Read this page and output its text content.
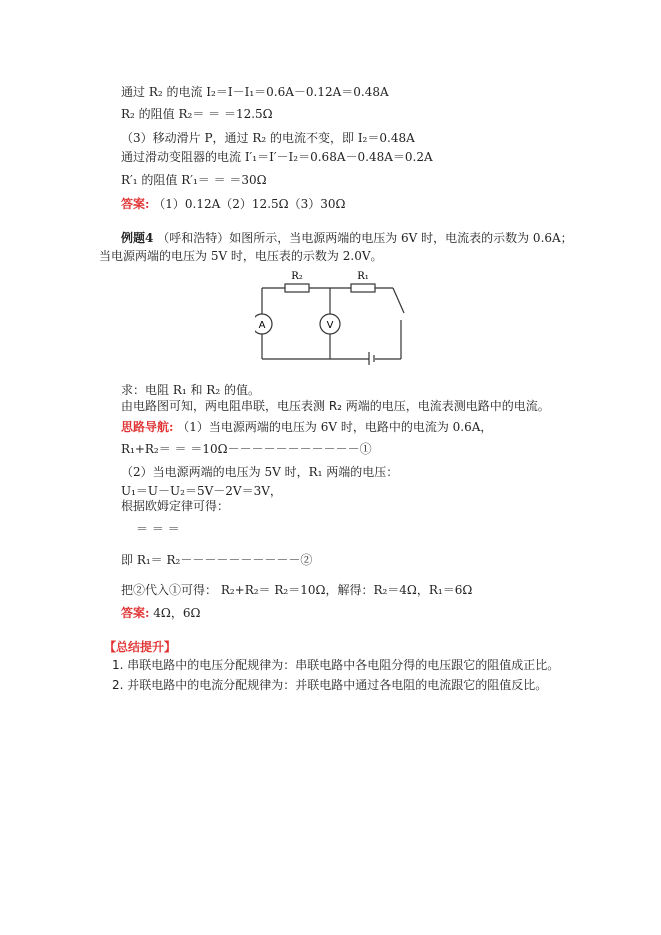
通过 R₂ 的电流 I₂＝I－I₁＝0.6A－0.12A＝0.48A
R₂ 的阻值 R₂＝ ＝ ＝12.5Ω
（3）移动滑片 P，通过 R₂ 的电流不变，即 I₂＝0.48A
通过滑动变阻器的电流 I′₁＝I′－I₂＝0.68A－0.48A＝0.2A
R′₁ 的阻值 R′₁＝ ＝ ＝30Ω
答案: （1）0.12A（2）12.5Ω（3）30Ω
例题4 （呼和浩特）如图所示，当电源两端的电压为 6V 时，电流表的示数为 0.6A；
当电源两端的电压为 5V 时，电压表的示数为 2.0V。
R₂	R₁
A	V
求：电阻 R₁ 和 R₂ 的值。
由电路图可知，两电阻串联，电压表测 R₂ 两端的电压，电流表测电路中的电流。
思路导航: （1）当电源两端的电压为 6V 时，电路中的电流为 0.6A，
R₁+R₂＝ ＝ ＝10Ω－－－－－－－－－－－①
（2）当电源两端的电压为 5V 时，R₁ 两端的电压：
U₁＝U－U₂＝5V－2V＝3V，
根据欧姆定律可得：
＝ ＝ ＝
即 R₁＝ R₂－－－－－－－－－－②
把②代入①可得： R₂+R₂＝ R₂＝10Ω，解得：R₂＝4Ω，R₁＝6Ω
答案: 4Ω，6Ω
【总结提升】
1. 串联电路中的电压分配规律为：串联电路中各电阻分得的电压跟它的阻值成正比。
2. 并联电路中的电流分配规律为：并联电路中通过各电阻的电流跟它的阻值反比。
